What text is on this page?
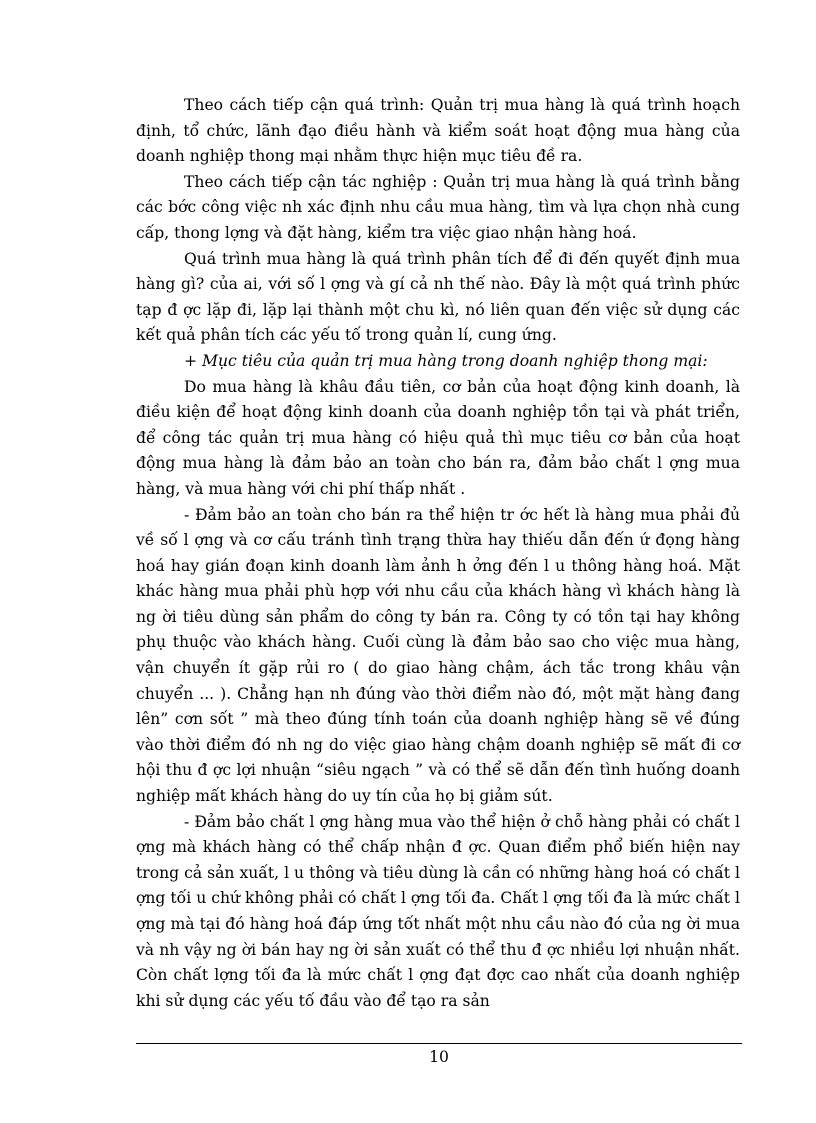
Theo cách tiếp cận quá trình: Quản trị mua hàng là quá trình hoạch định, tổ chức, lãnh đạo điều hành và kiểm soát hoạt động mua hàng của doanh nghiệp thong mại nhằm thực hiện mục tiêu đề ra.

Theo cách tiếp cận tác nghiệp : Quản trị mua hàng là quá trình bằng các bớc công việc nh xác định nhu cầu mua hàng, tìm và lựa chọn nhà cung cấp, thong lợng và đặt hàng, kiểm tra việc giao nhận hàng hoá.

Quá trình mua hàng là quá trình phân tích để đi đến quyết định mua hàng gì? của ai, với số l ợng và gí cả nh thế nào. Đây là một quá trình phức tạp đ ợc lặp đi, lặp lại thành một chu kì, nó liên quan đến việc sử dụng các kết quả phân tích các yếu tố trong quản lí, cung ứng.

+ Mục tiêu của quản trị mua hàng trong doanh nghiệp thong mại:

Do mua hàng là khâu đầu tiên, cơ bản của hoạt động kinh doanh, là điều kiện để hoạt động kinh doanh của doanh nghiệp tồn tại và phát triển, để công tác quản trị mua hàng có hiệu quả thì mục tiêu cơ bản của hoạt động mua hàng là đảm bảo an toàn cho bán ra, đảm bảo chất l ợng mua hàng, và mua hàng với chi phí thấp nhất .

- Đảm bảo an toàn cho bán ra thể hiện tr ớc hết là hàng mua phải đủ về số l ợng và cơ cấu tránh tình trạng thừa hay thiếu dẫn đến ứ đọng hàng hoá hay gián đoạn kinh doanh làm ảnh h ởng đến l u thông hàng hoá. Mặt khác hàng mua phải phù hợp với nhu cầu của khách hàng vì khách hàng là ng ời tiêu dùng sản phẩm do công ty bán ra. Công ty có tồn tại hay không phụ thuộc vào khách hàng. Cuối cùng là đảm bảo sao cho việc mua hàng, vận chuyển ít gặp rủi ro ( do giao hàng chậm, ách tắc trong khâu vận chuyển ... ). Chẳng hạn nh đúng vào thời điểm nào đó, một mặt hàng đang lên” cơn sốt ” mà theo đúng tính toán của doanh nghiệp hàng sẽ về đúng vào thời điểm đó nh ng do việc giao hàng chậm doanh nghiệp sẽ mất đi cơ hội thu đ ợc lợi nhuận “siêu ngạch ” và có thể sẽ dẫn đến tình huống doanh nghiệp mất khách hàng do uy tín của họ bị giảm sút.

- Đảm bảo chất l ợng hàng mua vào thể hiện ở chỗ hàng phải có chất l ợng mà khách hàng có thể chấp nhận đ ợc. Quan điểm phổ biến hiện nay trong cả sản xuất, l u thông và tiêu dùng là cần có những hàng hoá có chất l ợng tối u chứ không phải có chất l ợng tối đa. Chất l ợng tối đa là mức chất l ợng mà tại đó hàng hoá đáp ứng tốt nhất một nhu cầu nào đó của ng ời mua và nh vậy ng ời bán hay ng ời sản xuất có thể thu đ ợc nhiều lợi nhuận nhất. Còn chất lợng tối đa là mức chất l ợng đạt đợc cao nhất của doanh nghiệp khi sử dụng các yếu tố đầu vào để tạo ra sản

10
